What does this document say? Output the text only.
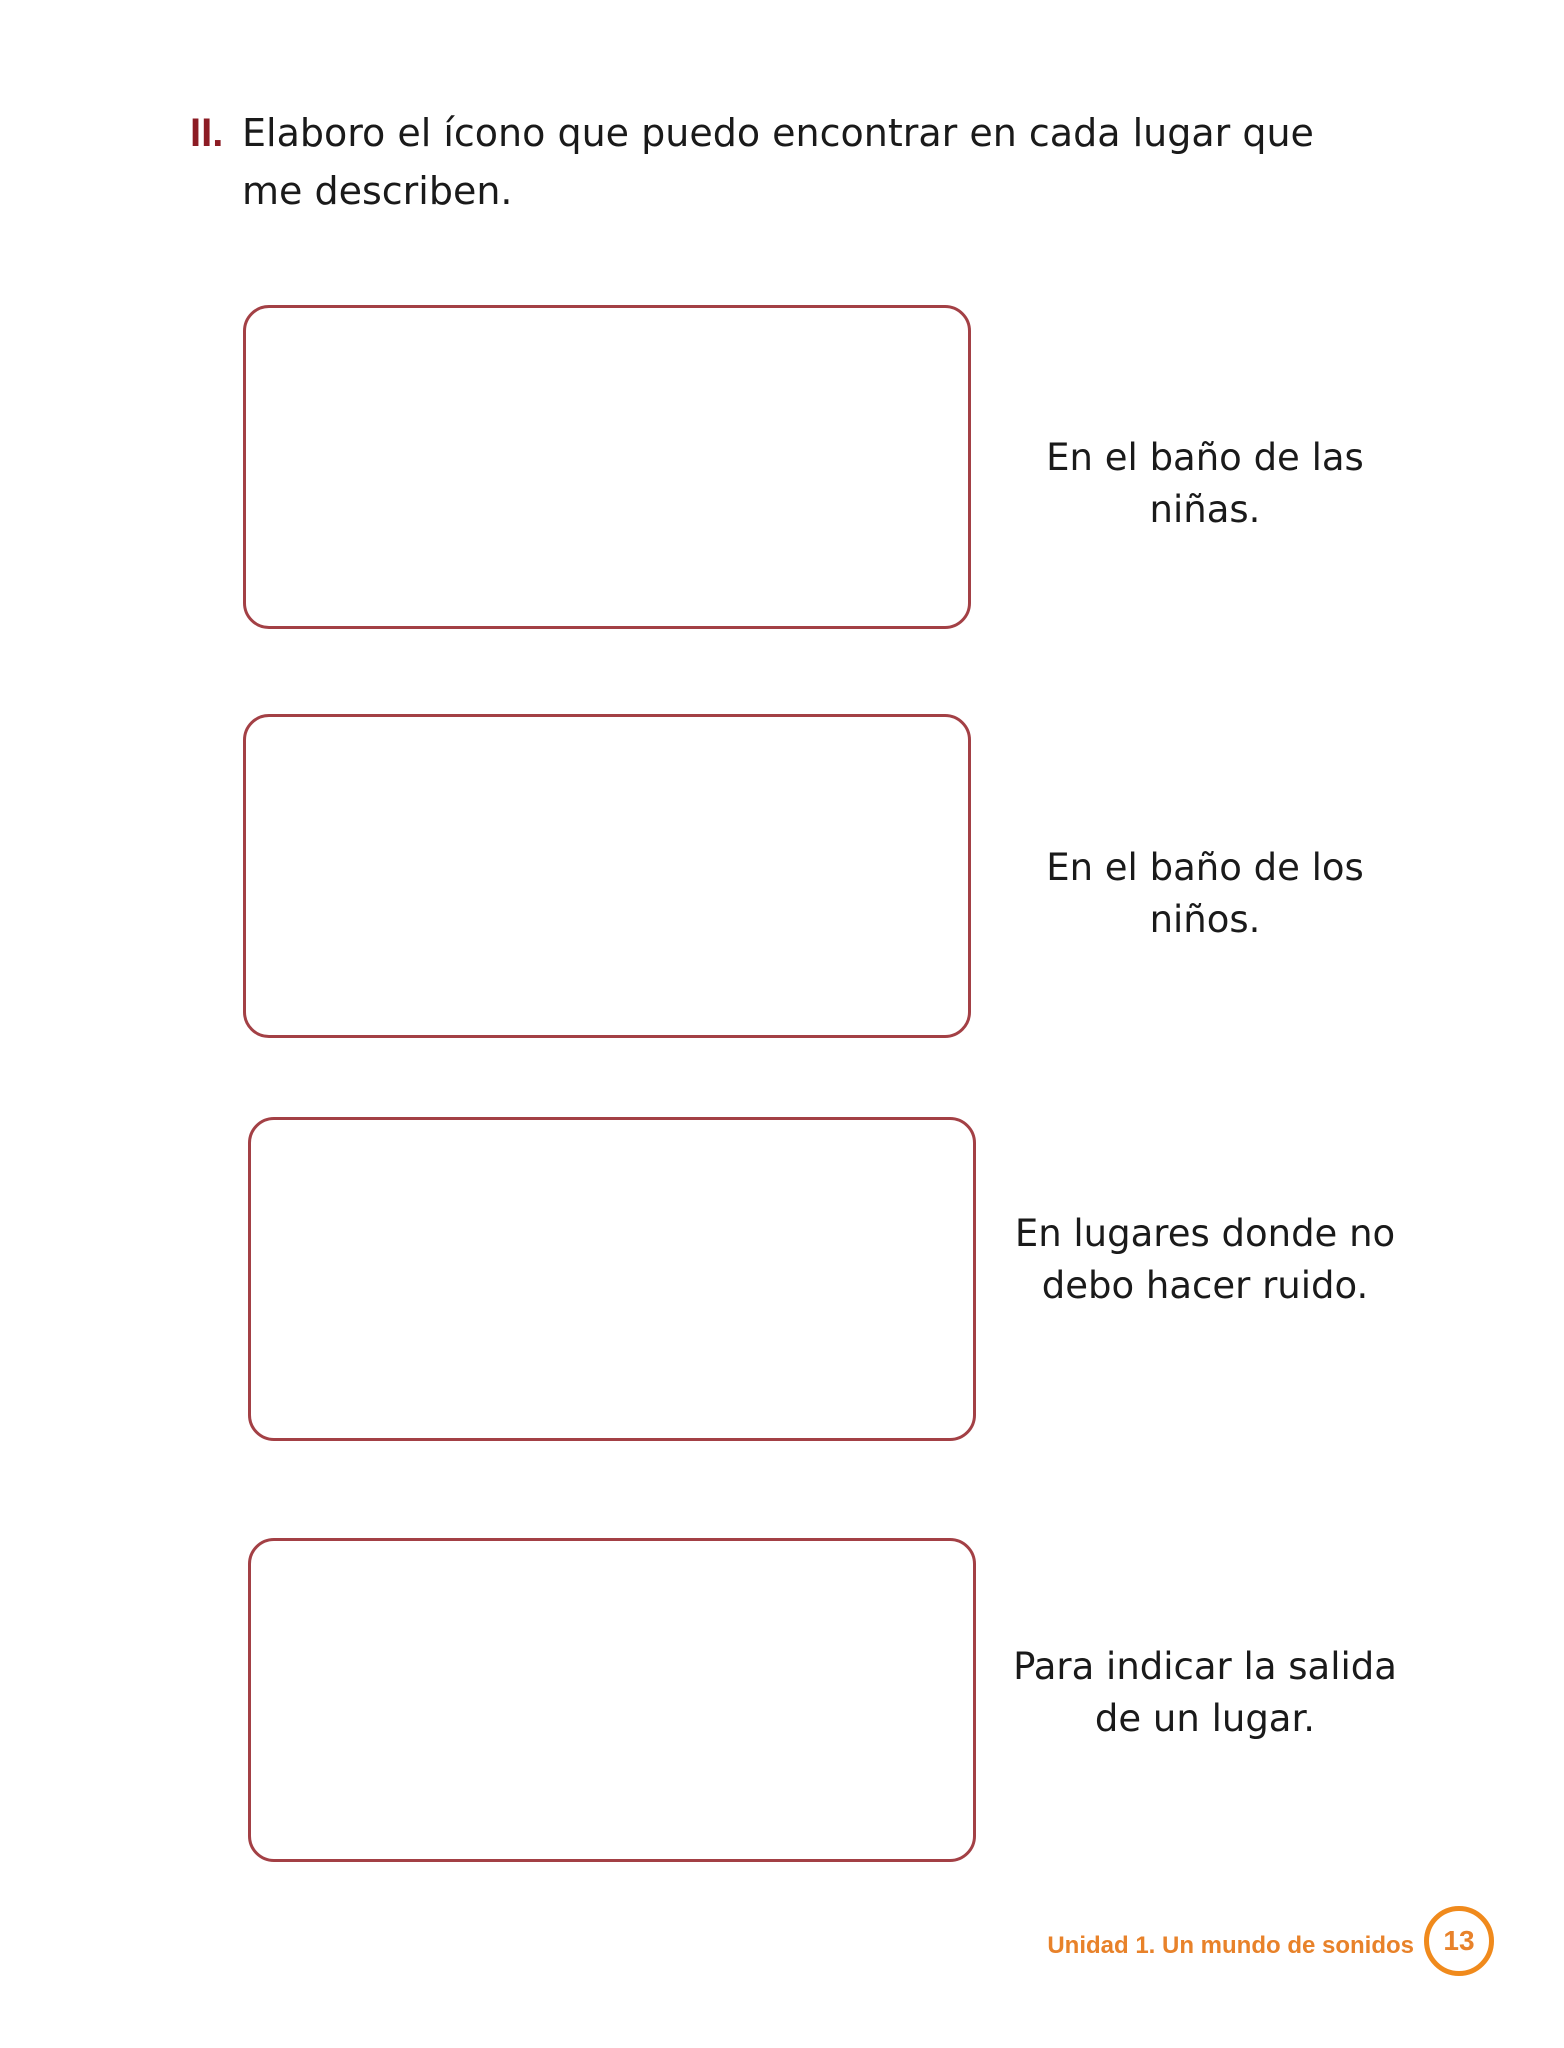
II. Elaboro el ícono que puedo encontrar en cada lugar que me describen.
En el baño de las niñas.
En el baño de los niños.
En lugares donde no debo hacer ruido.
Para indicar la salida de un lugar.
Unidad 1. Un mundo de sonidos 13
